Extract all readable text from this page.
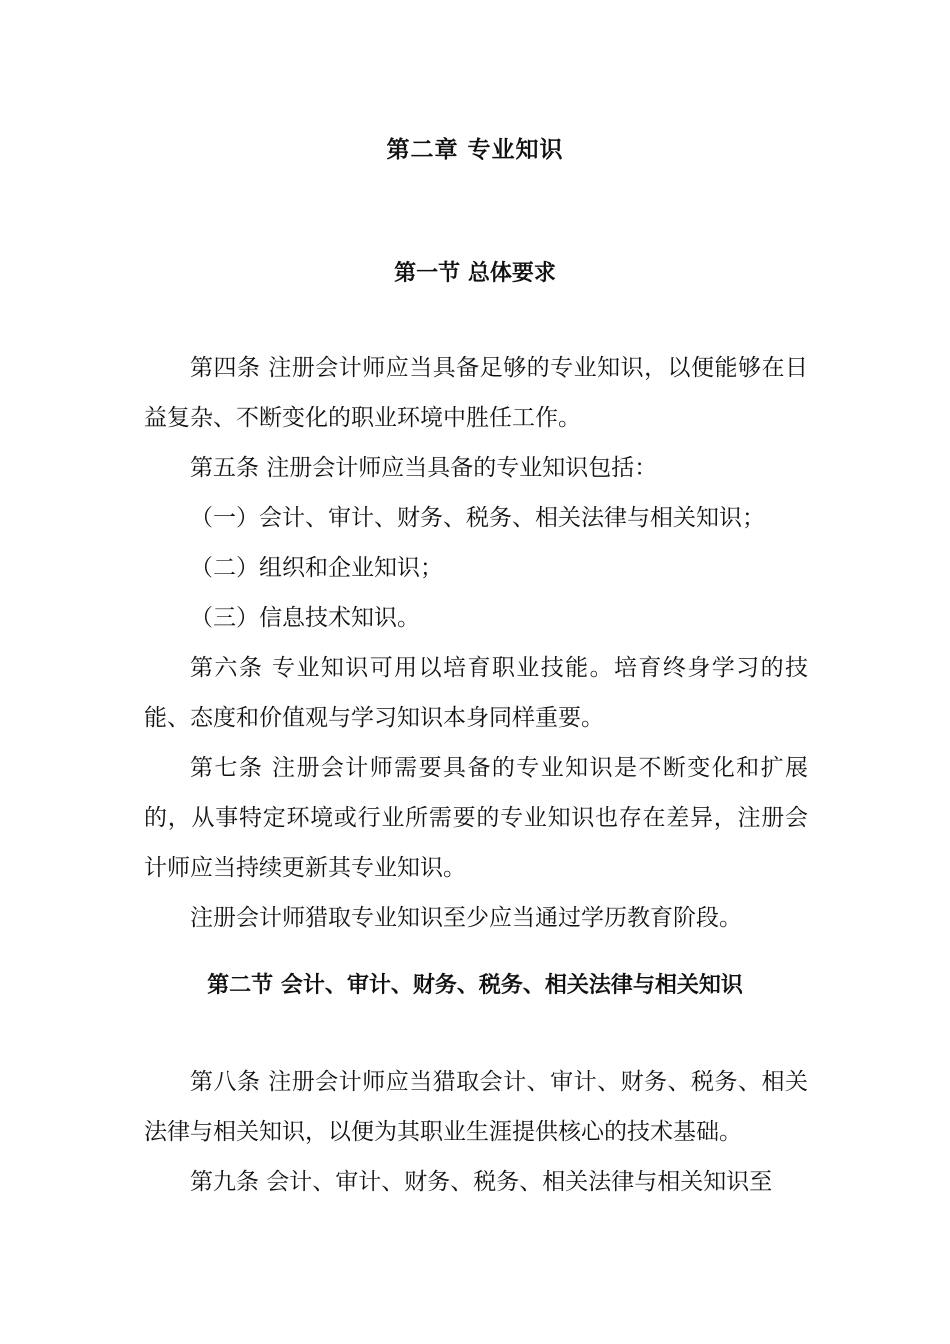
第二章 专业知识
第一节 总体要求
第四条 注册会计师应当具备足够的专业知识，以便能够在日益复杂、不断变化的职业环境中胜任工作。
第五条 注册会计师应当具备的专业知识包括：
（一）会计、审计、财务、税务、相关法律与相关知识；
（二）组织和企业知识；
（三）信息技术知识。
第六条 专业知识可用以培育职业技能。培育终身学习的技能、态度和价值观与学习知识本身同样重要。
第七条 注册会计师需要具备的专业知识是不断变化和扩展的，从事特定环境或行业所需要的专业知识也存在差异，注册会计师应当持续更新其专业知识。
注册会计师猎取专业知识至少应当通过学历教育阶段。
第二节 会计、审计、财务、税务、相关法律与相关知识
第八条 注册会计师应当猎取会计、审计、财务、税务、相关法律与相关知识，以便为其职业生涯提供核心的技术基础。
第九条 会计、审计、财务、税务、相关法律与相关知识至
